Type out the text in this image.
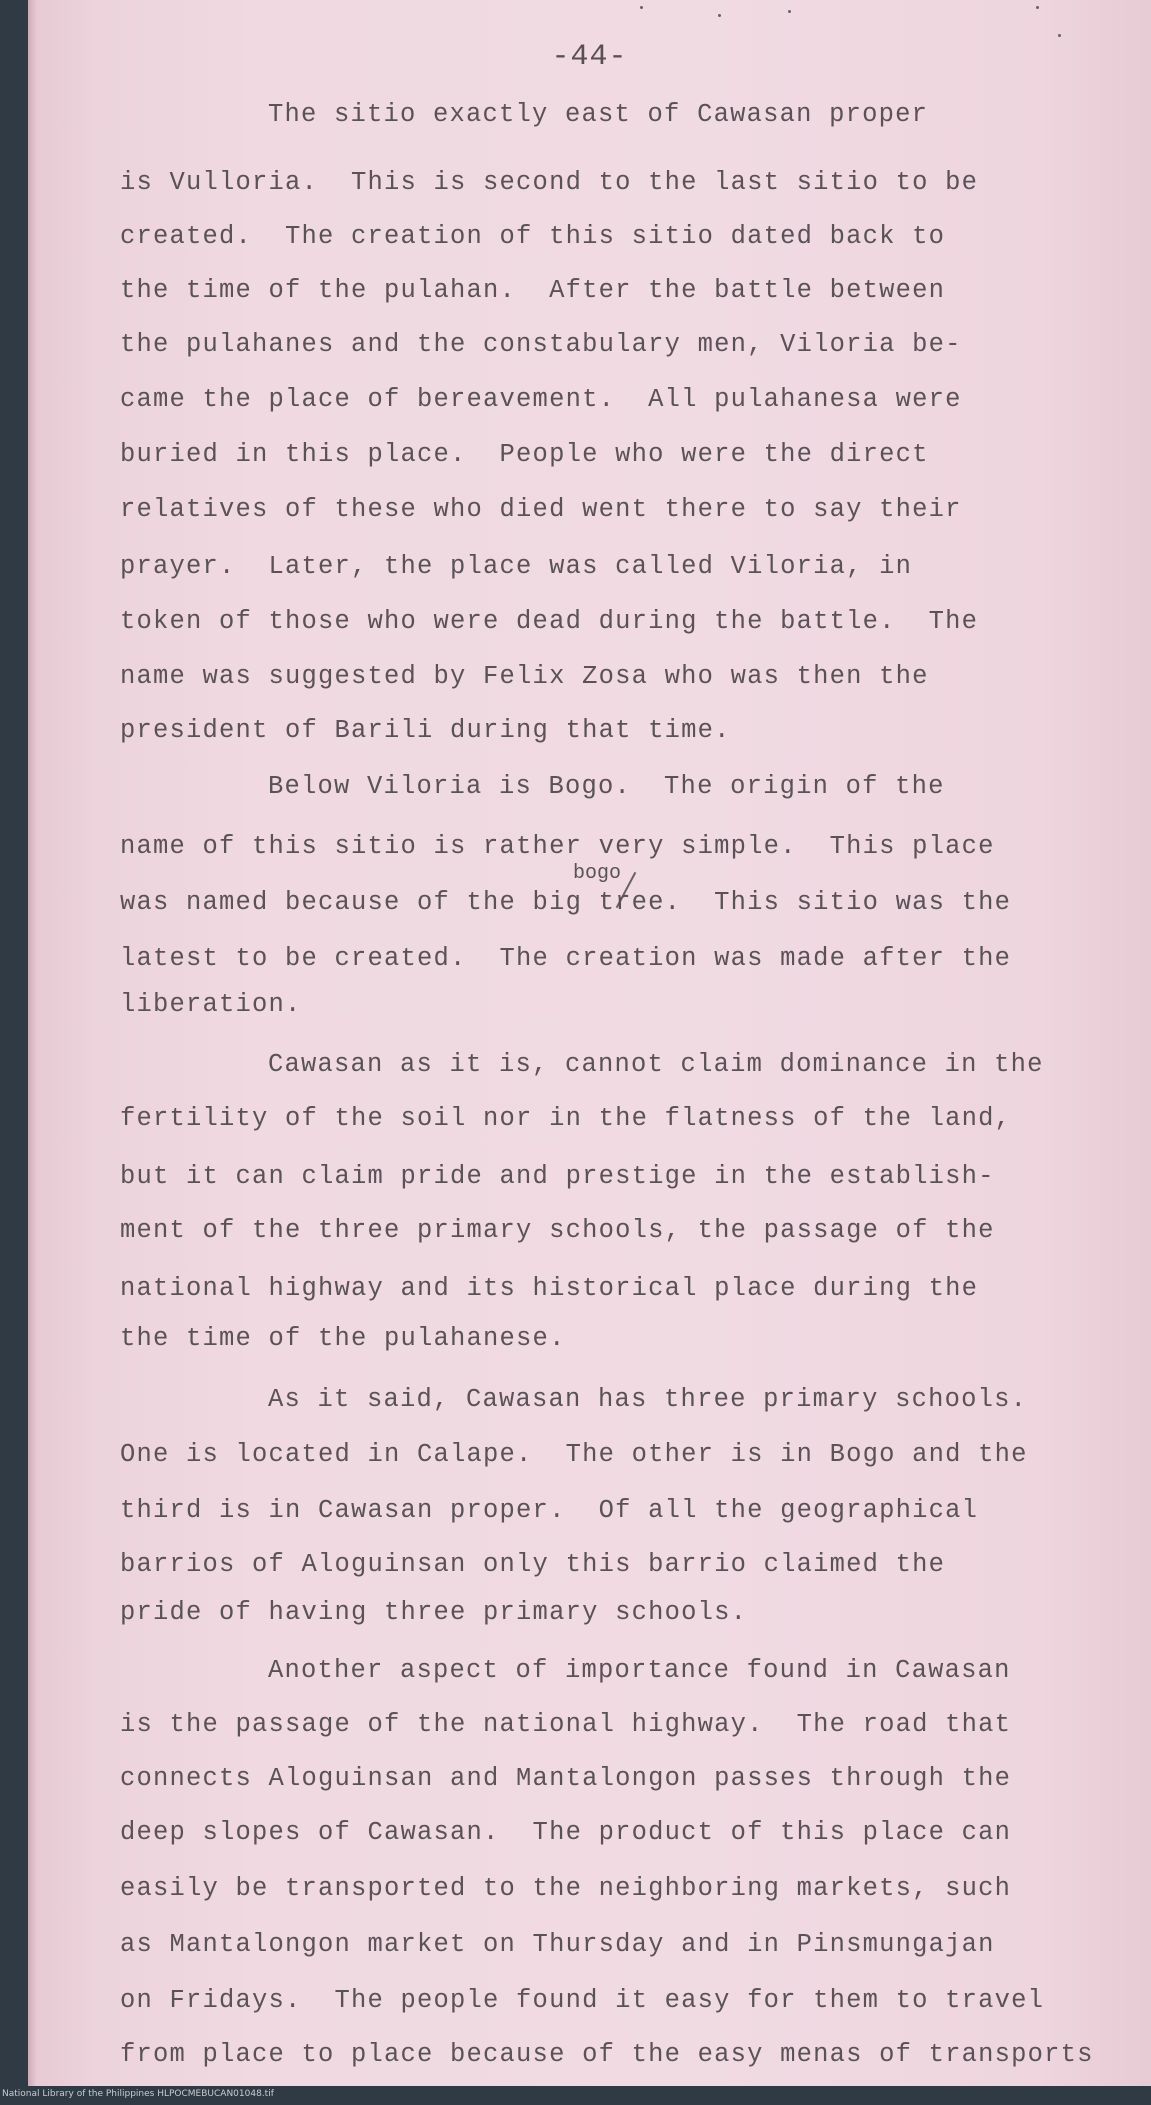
-44-
The sitio exactly east of Cawasan proper
is Vulloria.  This is second to the last sitio to be
created.  The creation of this sitio dated back to
the time of the pulahan.  After the battle between
the pulahanes and the constabulary men, Viloria be-
came the place of bereavement.  All pulahanesa were
buried in this place.  People who were the direct
relatives of these who died went there to say their
prayer.  Later, the place was called Viloria, in
token of those who were dead during the battle.  The
name was suggested by Felix Zosa who was then the
president of Barili during that time.
Below Viloria is Bogo.  The origin of the
name of this sitio is rather very simple.  This place
bogo
was named because of the big tree.  This sitio was the
latest to be created.  The creation was made after the
liberation.
Cawasan as it is, cannot claim dominance in the
fertility of the soil nor in the flatness of the land,
but it can claim pride and prestige in the establish-
ment of the three primary schools, the passage of the
national highway and its historical place during the
the time of the pulahanese.
As it said, Cawasan has three primary schools.
One is located in Calape.  The other is in Bogo and the
third is in Cawasan proper.  Of all the geographical
barrios of Aloguinsan only this barrio claimed the
pride of having three primary schools.
Another aspect of importance found in Cawasan
is the passage of the national highway.  The road that
connects Aloguinsan and Mantalongon passes through the
deep slopes of Cawasan.  The product of this place can
easily be transported to the neighboring markets, such
as Mantalongon market on Thursday and in Pinsmungajan
on Fridays.  The people found it easy for them to travel
from place to place because of the easy menas of transports
National Library of the Philippines HLPOCMEBUCAN01048.tif
